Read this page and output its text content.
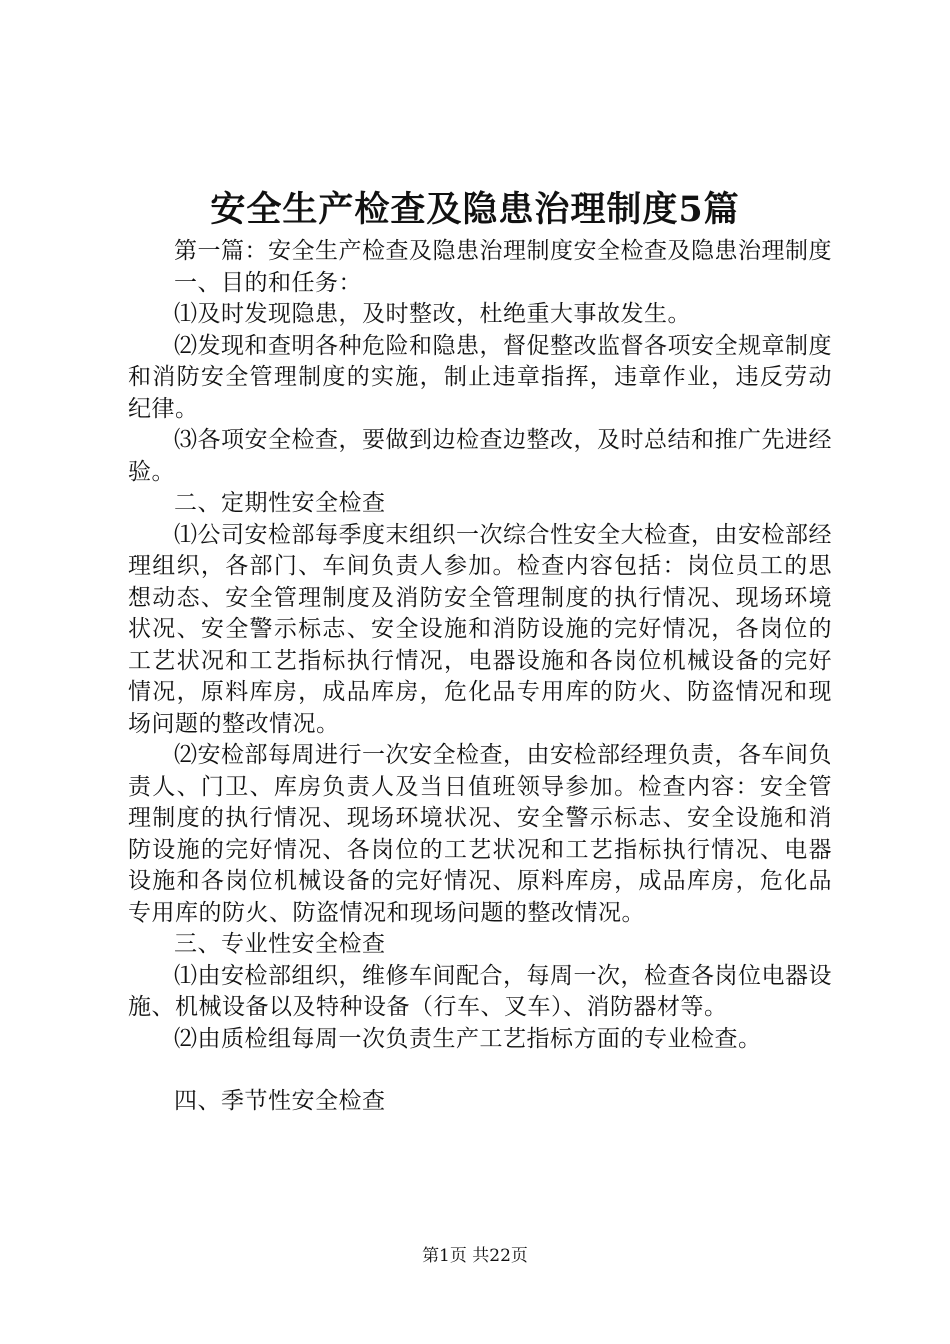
安全生产检查及隐患治理制度5篇

第一篇：安全生产检查及隐患治理制度安全检查及隐患治理制度

一、目的和任务：

⑴及时发现隐患，及时整改，杜绝重大事故发生。

⑵发现和查明各种危险和隐患，督促整改监督各项安全规章制度和消防安全管理制度的实施，制止违章指挥，违章作业，违反劳动纪律。

⑶各项安全检查，要做到边检查边整改，及时总结和推广先进经验。

二、定期性安全检查

⑴公司安检部每季度末组织一次综合性安全大检查，由安检部经理组织，各部门、车间负责人参加。检查内容包括：岗位员工的思想动态、安全管理制度及消防安全管理制度的执行情况、现场环境状况、安全警示标志、安全设施和消防设施的完好情况，各岗位的工艺状况和工艺指标执行情况，电器设施和各岗位机械设备的完好情况，原料库房，成品库房，危化品专用库的防火、防盗情况和现场问题的整改情况。

⑵安检部每周进行一次安全检查，由安检部经理负责，各车间负责人、门卫、库房负责人及当日值班领导参加。检查内容：安全管理制度的执行情况、现场环境状况、安全警示标志、安全设施和消防设施的完好情况、各岗位的工艺状况和工艺指标执行情况、电器设施和各岗位机械设备的完好情况、原料库房，成品库房，危化品专用库的防火、防盗情况和现场问题的整改情况。

三、专业性安全检查

⑴由安检部组织，维修车间配合，每周一次，检查各岗位电器设施、机械设备以及特种设备（行车、叉车）、消防器材等。

⑵由质检组每周一次负责生产工艺指标方面的专业检查。

四、季节性安全检查

第1页 共22页
